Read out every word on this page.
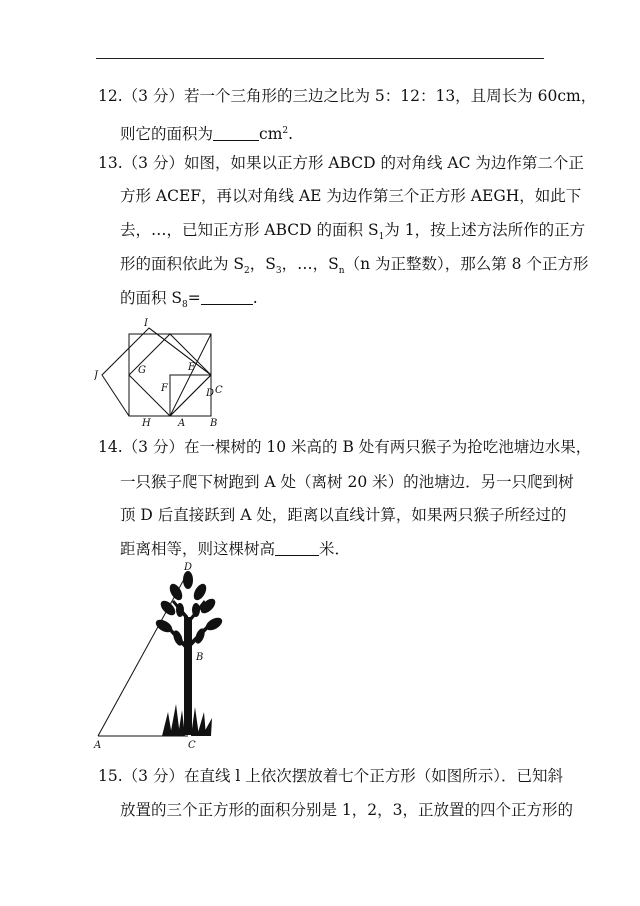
12.（3 分）若一个三角形的三边之比为 5：12：13，且周长为 60cm，
则它的面积为	$cm^2$.
13.（3 分）如图，如果以正方形 ABCD 的对角线 AC 为边作第二个正
方形 ACEF，再以对角线 AE 为边作第三个正方形 AEGH，如此下
去，…，已知正方形 ABCD 的面积 $S_1$为 1，按上述方法所作的正方
形的面积依此为 $S_2$，$S_3$，…，$S_n(n$ 为正整数），那么第 8 个正方形
的面积 $S_8=$	.
I
J	G	E
F	D C
H	A B
14.（3 分）在一棵树的 10 米高的 B 处有两只猴子为抢吃池塘边水果，
一只猴子爬下树跑到 A 处（离树 20 米）的池塘边．另一只爬到树
顶 D 后直接跃到 A 处，距离以直线计算，如果两只猴子所经过的
距离相等，则这棵树高	米．
D
B
A	C
15.（3 分）在直线 l 上依次摆放着七个正方形（如图所示）．已知斜
放置的三个正方形的面积分别是 1，2，3，正放置的四个正方形的
